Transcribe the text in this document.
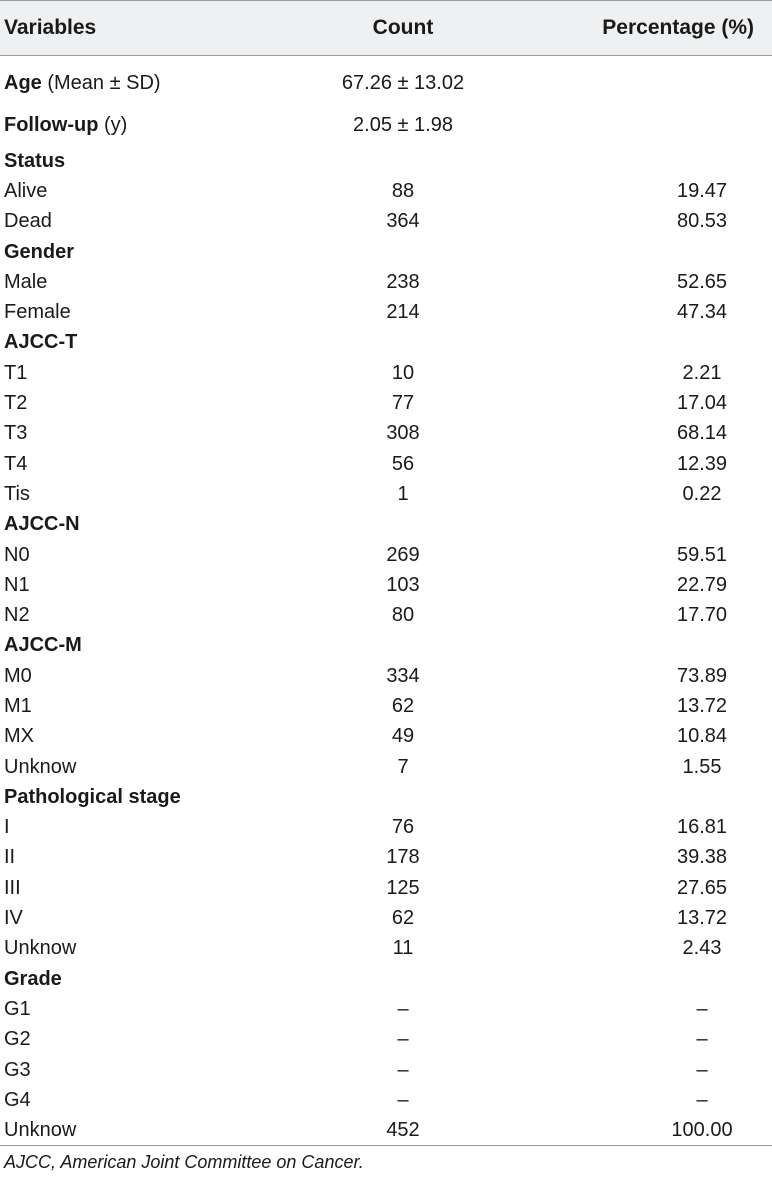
Variables	Count	Percentage (%)
Age (Mean ± SD)	67.26 ± 13.02
Follow-up (y)	2.05 ± 1.98
Status
Alive	88	19.47
Dead	364	80.53
Gender
Male	238	52.65
Female	214	47.34
AJCC-T
T1	10	2.21
T2	77	17.04
T3	308	68.14
T4	56	12.39
Tis	1	0.22
AJCC-N
N0	269	59.51
N1	103	22.79
N2	80	17.70
AJCC-M
M0	334	73.89
M1	62	13.72
MX	49	10.84
Unknow	7	1.55
Pathological stage
I	76	16.81
II	178	39.38
III	125	27.65
IV	62	13.72
Unknow	11	2.43
Grade
G1	–	–
G2	–	–
G3	–	–
G4	–	–
Unknow	452	100.00
AJCC, American Joint Committee on Cancer.
